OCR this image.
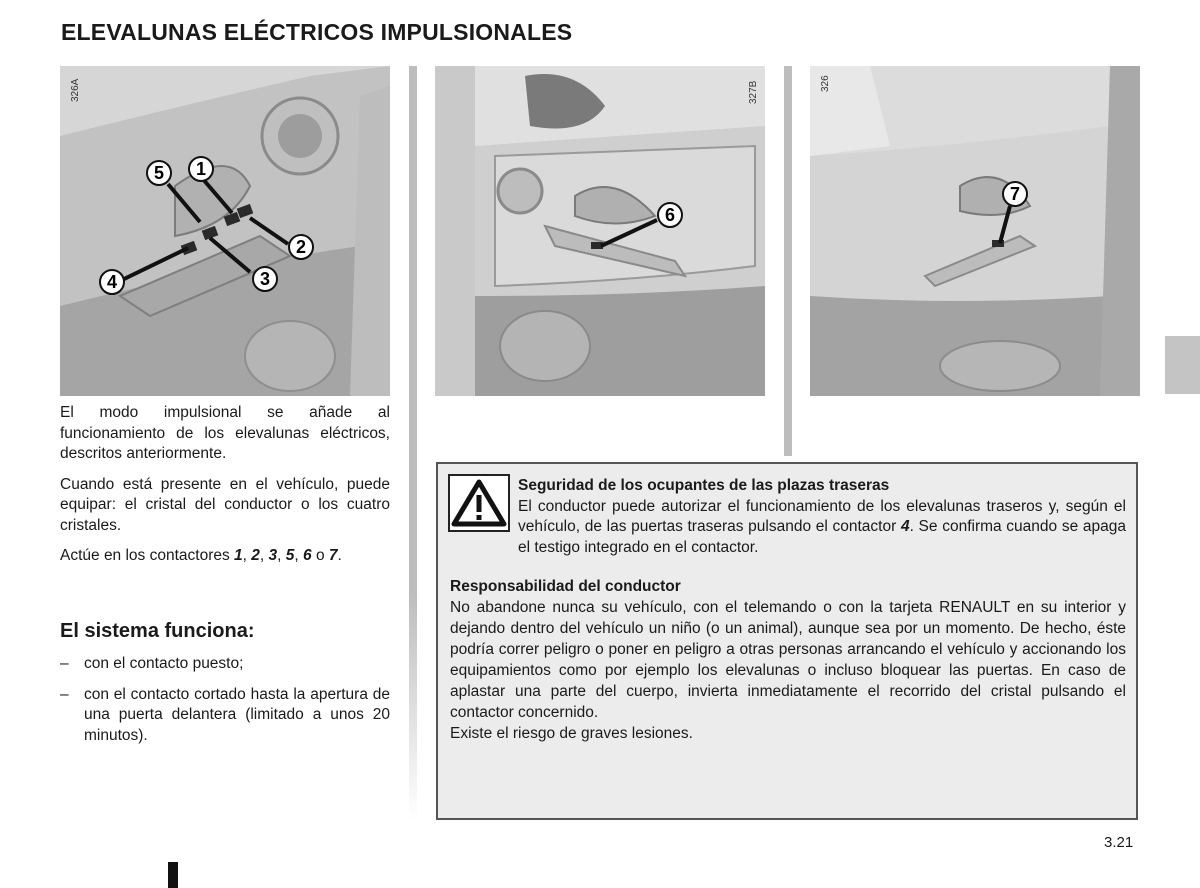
ELEVALUNAS ELÉCTRICOS IMPULSIONALES
5 1
2
3
4
326A
6
327B
7
326

El modo impulsional se añade al funcionamiento de los elevalunas eléctricos, descritos anteriormente.

Cuando está presente en el vehículo, puede equipar: el cristal del conductor o los cuatro cristales.

Actúe en los contactores 1, 2, 3, 5, 6 o 7.

El sistema funciona:
– con el contacto puesto;
– con el contacto cortado hasta la apertura de una puerta delantera (limitado a unos 20 minutos).
Seguridad de los ocupantes de las plazas traseras
El conductor puede autorizar el funcionamiento de los elevalunas traseros y, según el vehículo, de las puertas traseras pulsando el contactor 4. Se confirma cuando se apaga el testigo integrado en el contactor.
Responsabilidad del conductor
No abandone nunca su vehículo, con el telemando o con la tarjeta RENAULT en su interior y dejando dentro del vehículo un niño (o un animal), aunque sea por un momento. De hecho, éste podría correr peligro o poner en peligro a otras personas arrancando el vehículo y accionando los equipamientos como por ejemplo los elevalunas o incluso bloquear las puertas. En caso de aplastar una parte del cuerpo, invierta inmediatamente el recorrido del cristal pulsando el contactor concernido.
Existe el riesgo de graves lesiones.
3.21
